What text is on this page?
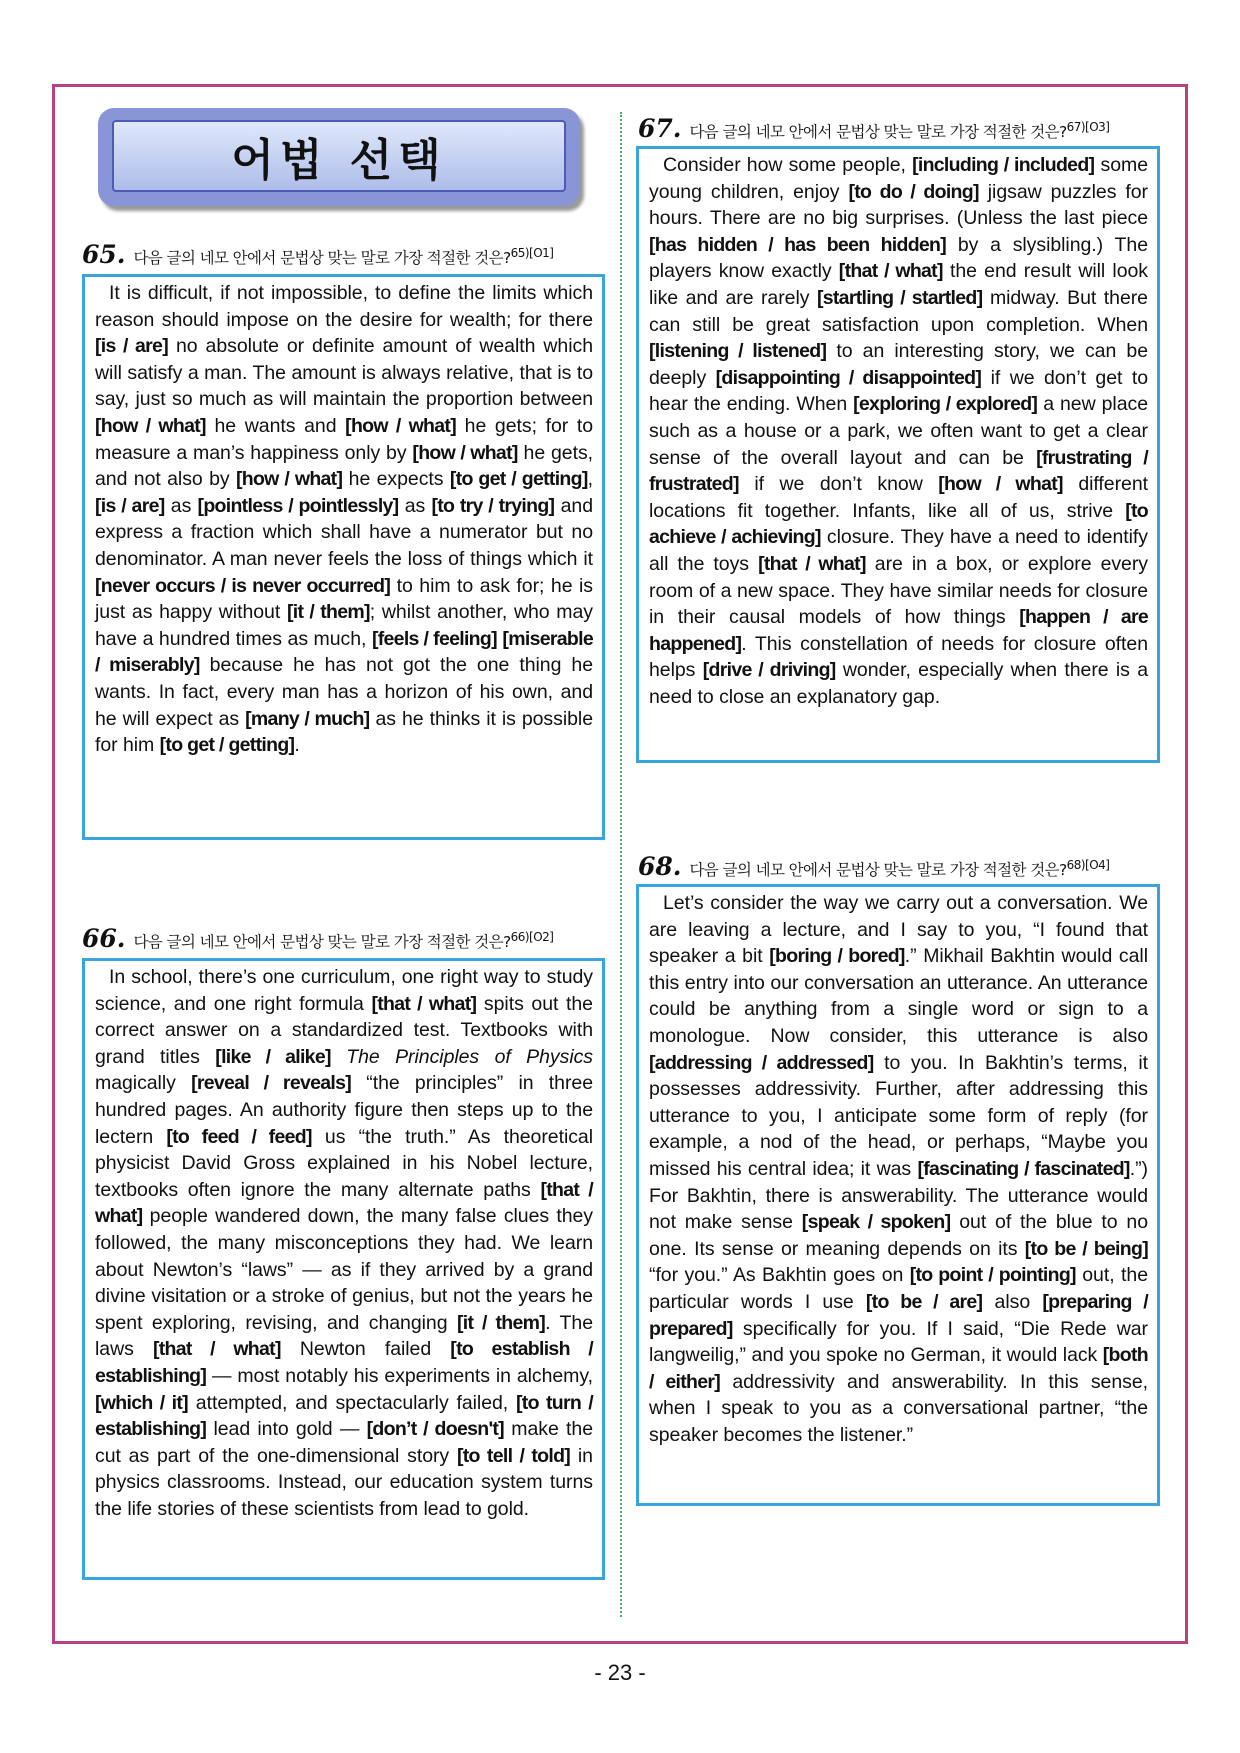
어법 선택
65. 다음 글의 네모 안에서 문법상 맞는 말로 가장 적절한 것은?$^{65)[O1]}$

It is difficult, if not impossible, to define the limits which reason should impose on the desire for wealth; for there [is / are] no absolute or definite amount of wealth which will satisfy a man. The amount is always relative, that is to say, just so much as will maintain the proportion between [how / what] he wants and [how / what] he gets; for to measure a man’s happiness only by [how / what] he gets, and not also by [how / what] he expects [to get / getting], [is / are] as [pointless / pointlessly] as [to try / trying] and express a fraction which shall have a numerator but no denominator. A man never feels the loss of things which it [never occurs / is never occurred] to him to ask for; he is just as happy without [it / them]; whilst another, who may have a hundred times as much, [feels / feeling] [miserable / miserably] because he has not got the one thing he wants. In fact, every man has a horizon of his own, and he will expect as [many / much] as he thinks it is possible for him [to get / getting].

66. 다음 글의 네모 안에서 문법상 맞는 말로 가장 적절한 것은?$^{66)[O2]}$

In school, there’s one curriculum, one right way to study science, and one right formula [that / what] spits out the correct answer on a standardized test. Textbooks with grand titles [like / alike] The Principles of Physics magically [reveal / reveals] “the principles” in three hundred pages. An authority figure then steps up to the lectern [to feed / feed] us “the truth.” As theoretical physicist David Gross explained in his Nobel lecture, textbooks often ignore the many alternate paths [that / what] people wandered down, the many false clues they followed, the many misconceptions they had. We learn about Newton’s “laws” — as if they arrived by a grand divine visitation or a stroke of genius, but not the years he spent exploring, revising, and changing [it / them]. The laws [that / what] Newton failed [to establish / establishing] — most notably his experiments in alchemy, [which / it] attempted, and spectacularly failed, [to turn / establishing] lead into gold — [don’t / doesn't] make the cut as part of the one-dimensional story [to tell / told] in physics classrooms. Instead, our education system turns the life stories of these scientists from lead to gold.

67. 다음 글의 네모 안에서 문법상 맞는 말로 가장 적절한 것은?$^{67)[O3]}$

Consider how some people, [including / included] some young children, enjoy [to do / doing] jigsaw puzzles for hours. There are no big surprises. (Unless the last piece [has hidden / has been hidden] by a slysibling.) The players know exactly [that / what] the end result will look like and are rarely [startling / startled] midway. But there can still be great satisfaction upon completion. When [listening / listened] to an interesting story, we can be deeply [disappointing / disappointed] if we don’t get to hear the ending. When [exploring / explored] a new place such as a house or a park, we often want to get a clear sense of the overall layout and can be [frustrating / frustrated] if we don’t know [how / what] different locations fit together. Infants, like all of us, strive [to achieve / achieving] closure. They have a need to identify all the toys [that / what] are in a box, or explore every room of a new space. They have similar needs for closure in their causal models of how things [happen / are happened]. This constellation of needs for closure often helps [drive / driving] wonder, especially when there is a need to close an explanatory gap.

68. 다음 글의 네모 안에서 문법상 맞는 말로 가장 적절한 것은?$^{68)[O4]}$

Let’s consider the way we carry out a conversation. We are leaving a lecture, and I say to you, “I found that speaker a bit [boring / bored].” Mikhail Bakhtin would call this entry into our conversation an utterance. An utterance could be anything from a single word or sign to a monologue. Now consider, this utterance is also [addressing / addressed] to you. In Bakhtin’s terms, it possesses addressivity. Further, after addressing this utterance to you, I anticipate some form of reply (for example, a nod of the head, or perhaps, “Maybe you missed his central idea; it was [fascinating / fascinated].”) For Bakhtin, there is answerability. The utterance would not make sense [speak / spoken] out of the blue to no one. Its sense or meaning depends on its [to be / being] “for you.” As Bakhtin goes on [to point / pointing] out, the particular words I use [to be / are] also [preparing / prepared] specifically for you. If I said, “Die Rede war langweilig,” and you spoke no German, it would lack [both / either] addressivity and answerability. In this sense, when I speak to you as a conversational partner, “the speaker becomes the listener.”

- 23 -
